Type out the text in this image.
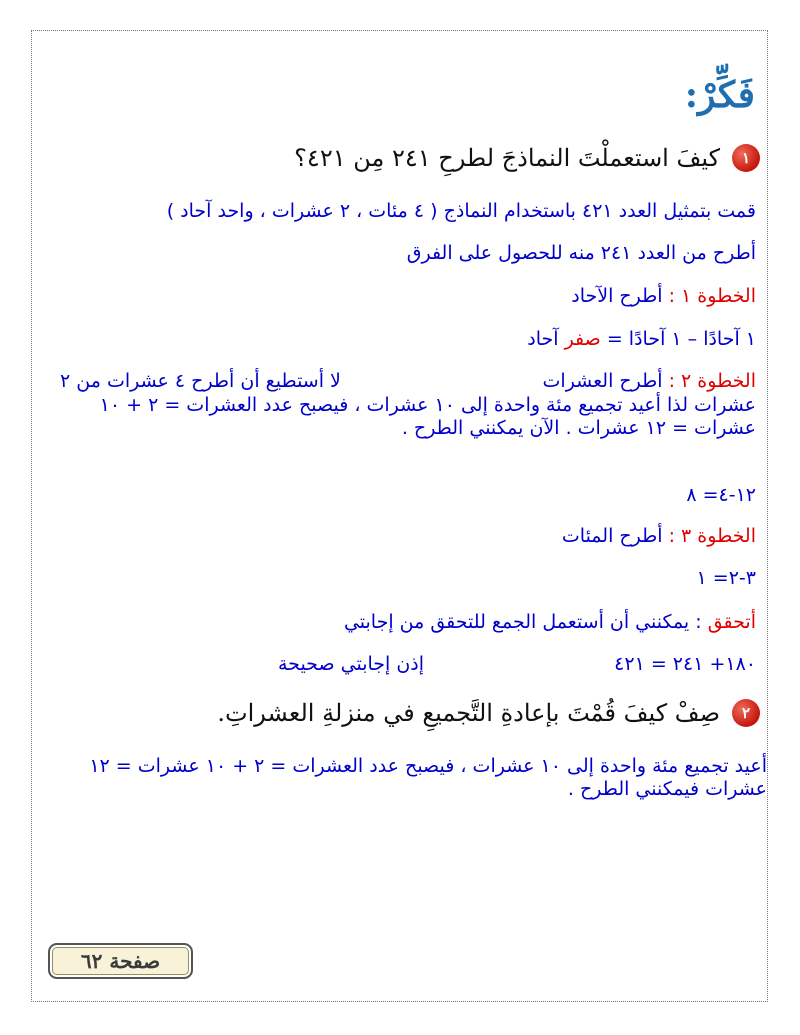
فَكِّرْ:
١
كيفَ استعملْتَ النماذجَ لطرحِ ٢٤١ مِن ٤٢١؟
قمت بتمثيل العدد ٤٢١ باستخدام النماذج ( ٤ مئات ، ٢ عشرات ، واحد آحاد )
أطرح من العدد ٢٤١ منه للحصول على الفرق
الخطوة ١ : أطرح الآحاد
١ آحادًا – ١ آحادًا = صفر آحاد
الخطوة ٢ : أطرح العشرات
لا أستطيع أن أطرح ٤ عشرات من ٢
عشرات لذا أعيد تجميع مئة واحدة إلى ١٠ عشرات ، فيصبح عدد العشرات = ٢ + ١٠ عشرات = ١٢ عشرات . الآن يمكنني الطرح .
١٢-٤= ٨
الخطوة ٣ : أطرح المئات
٣-٢= ١
أتحقق : يمكنني أن أستعمل الجمع للتحقق من إجابتي
١٨٠+ ٢٤١ = ٤٢١
إذن إجابتي صحيحة
٢
صِفْ كيفَ قُمْتَ بإعادةِ التَّجميعِ في منزلةِ العشراتِ.
أعيد تجميع مئة واحدة إلى ١٠ عشرات ، فيصبح عدد العشرات = ٢ + ١٠ عشرات = ١٢ عشرات فيمكنني الطرح .
صفحة ٦٢
